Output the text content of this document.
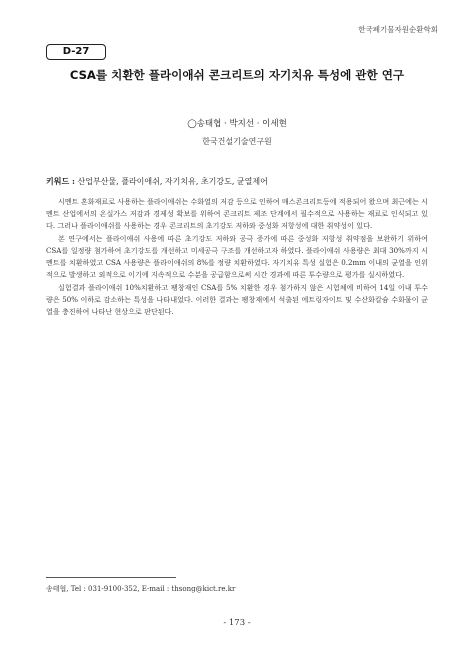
한국폐기물자원순환학회
D-27
CSA를 치환한 플라이애쉬 콘크리트의 자기치유 특성에 관한 연구
◯송태협 · 박지선 · 이세현
한국건설기술연구원
키워드 : 산업부산물, 플라이애쉬, 자기치유, 초기강도, 균열제어

시멘트 혼화재료로 사용하는 플라이애쉬는 수화열의 저감 등으로 인하여 매스콘크리트등에 적용되어 왔으며 최근에는 시멘트 산업에서의 온실가스 저감과 경제성 확보를 위하여 콘크리트 제조 단계에서 필수적으로 사용하는 재료로 인식되고 있다. 그러나 플라이애쉬를 사용하는 경우 콘크리트의 초기강도 저하와 중성화 저항성에 대한 취약성이 있다.

본 연구에서는 플라이애쉬 사용에 따른 초기강도 저하와 공극 증가에 따른 중성화 저항성 취약점을 보완하기 위하여 CSA를 일정량 첨가하여 초기강도를 개선하고 미세공극 구조를 개선하고자 하였다. 플라이애쉬 사용량은 최대 30%까지 시멘트를 치환하였고 CSA 사용량은 플라이애쉬의 8%를 정량 치환하였다. 자기치유 특성 실험은 0.2mm 이내의 균열을 인위적으로 발생하고 외적으로 이기에 지속적으로 수분을 공급함으로써 시간 경과에 따른 투수량으로 평가를 실시하였다.

실험결과 플라이애쉬 10%치환하고 팽창재인 CSA를 5% 치환한 경우 첨가하지 않은 시험체에 비하여 14일 이내 투수량은 50% 이하로 감소하는 특성을 나타내었다. 이러한 결과는 팽창재에서 석출된 에트링자이트 및 수산화칼슘 수화물이 균열을 충진하여 나타난 현상으로 판단된다.

송태협, Tel : 031-9100-352, E-mail : thsong@kict.re.kr
- 173 -
